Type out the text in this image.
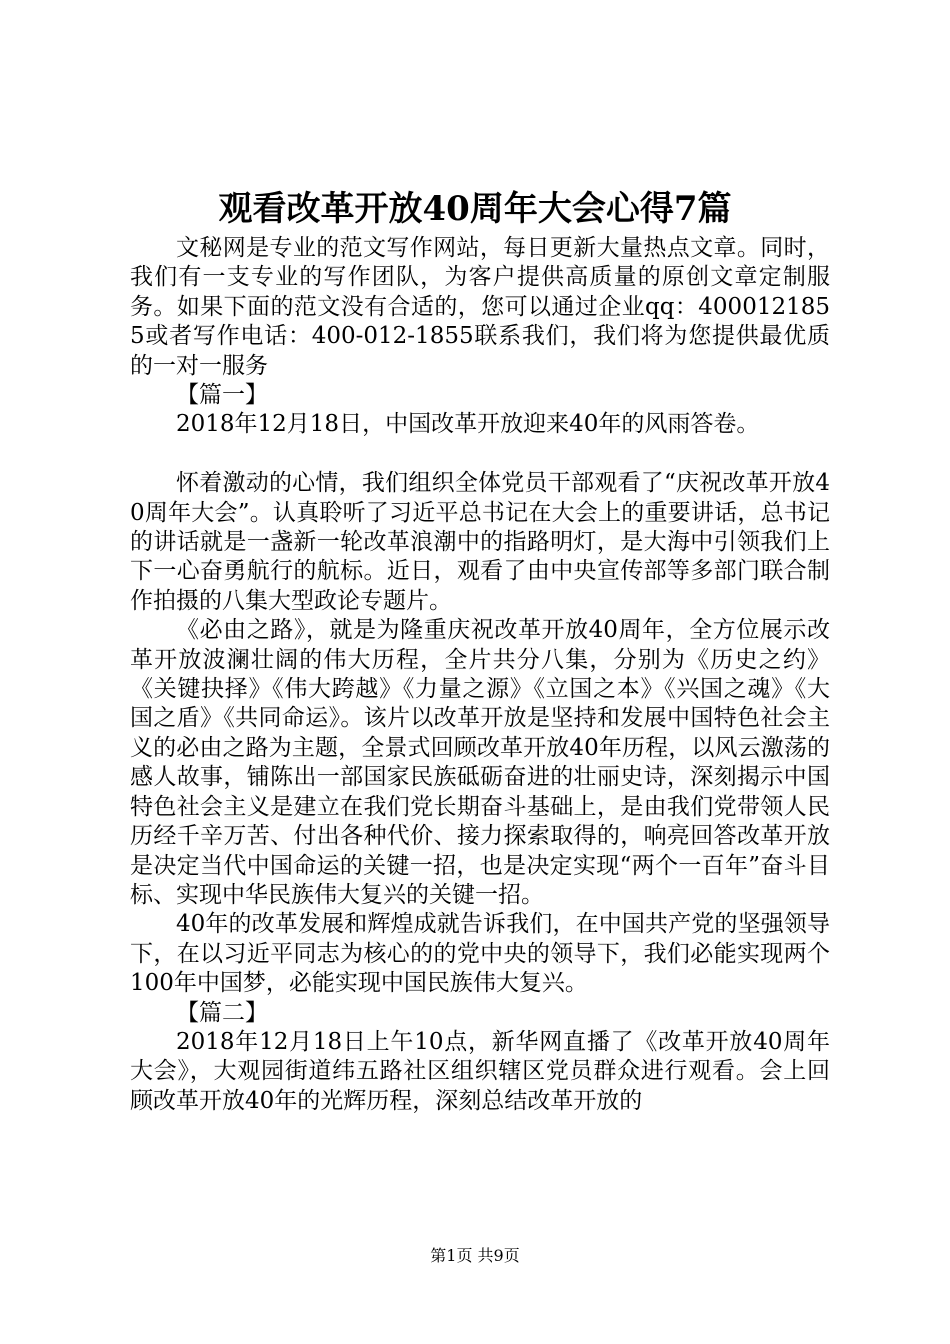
观看改革开放40周年大会心得7篇

文秘网是专业的范文写作网站，每日更新大量热点文章。同时，我们有一支专业的写作团队，为客户提供高质量的原创文章定制服务。如果下面的范文没有合适的，您可以通过企业qq：4000121855或者写作电话：400-012-1855联系我们，我们将为您提供最优质的一对一服务

【篇一】

2018年12月18日，中国改革开放迎来40年的风雨答卷。

怀着激动的心情，我们组织全体党员干部观看了“庆祝改革开放40周年大会”。认真聆听了习近平总书记在大会上的重要讲话，总书记的讲话就是一盏新一轮改革浪潮中的指路明灯，是大海中引领我们上下一心奋勇航行的航标。近日，观看了由中央宣传部等多部门联合制作拍摄的八集大型政论专题片。

《必由之路》，就是为隆重庆祝改革开放40周年，全方位展示改革开放波澜壮阔的伟大历程，全片共分八集，分别为《历史之约》《关键抉择》《伟大跨越》《力量之源》《立国之本》《兴国之魂》《大国之盾》《共同命运》。该片以改革开放是坚持和发展中国特色社会主义的必由之路为主题，全景式回顾改革开放40年历程，以风云激荡的感人故事，铺陈出一部国家民族砥砺奋进的壮丽史诗，深刻揭示中国特色社会主义是建立在我们党长期奋斗基础上，是由我们党带领人民历经千辛万苦、付出各种代价、接力探索取得的，响亮回答改革开放是决定当代中国命运的关键一招，也是决定实现“两个一百年”奋斗目标、实现中华民族伟大复兴的关键一招。

40年的改革发展和辉煌成就告诉我们，在中国共产党的坚强领导下，在以习近平同志为核心的的党中央的领导下，我们必能实现两个100年中国梦，必能实现中国民族伟大复兴。

【篇二】

2018年12月18日上午10点，新华网直播了《改革开放40周年大会》，大观园街道纬五路社区组织辖区党员群众进行观看。会上回顾改革开放40年的光辉历程，深刻总结改革开放的

第1页 共9页
